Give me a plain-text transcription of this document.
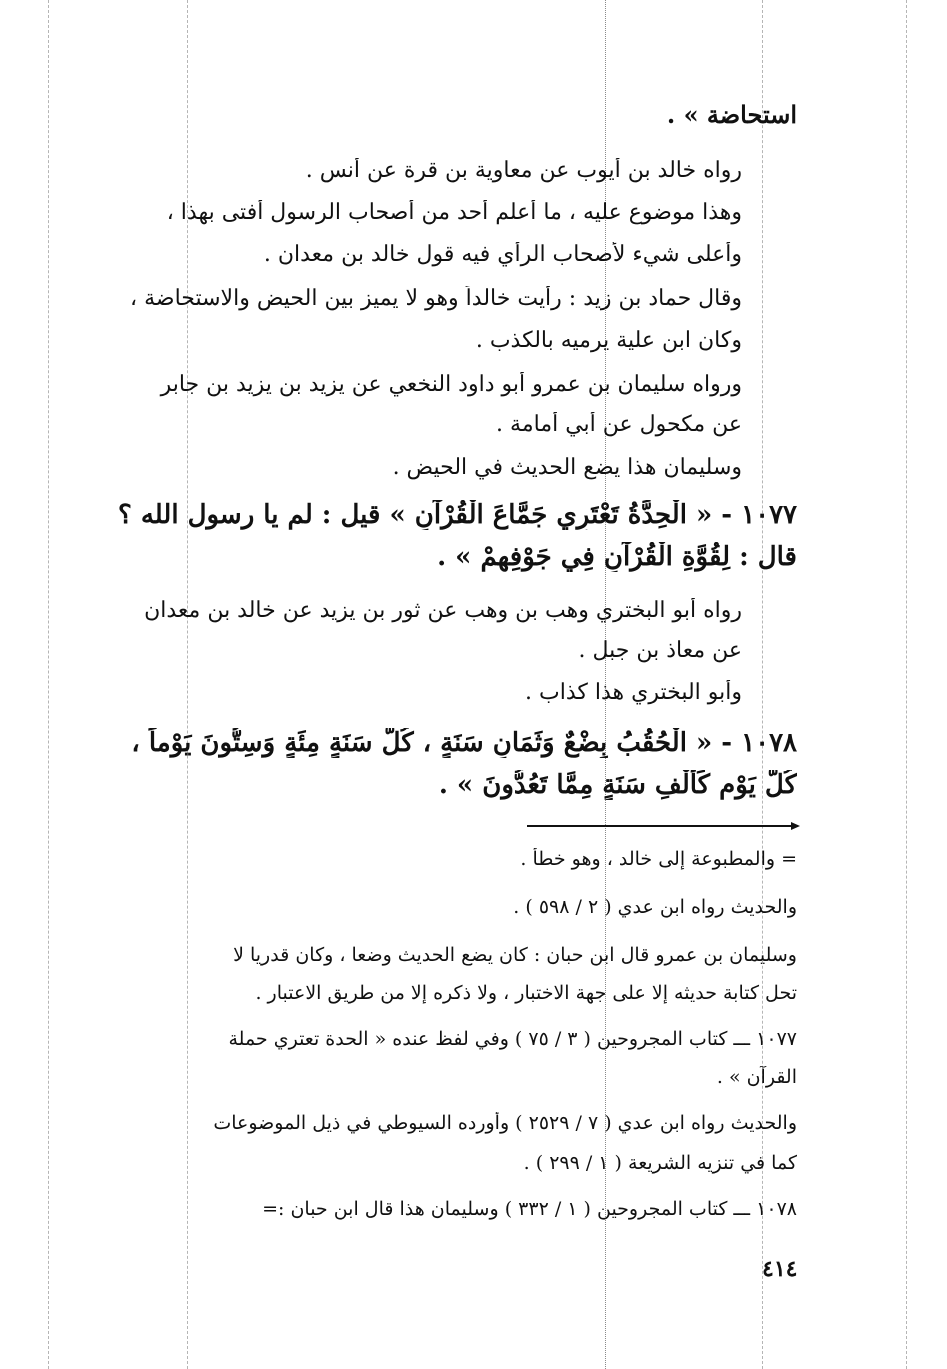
استحاضة » .
رواه خالد بن أيوب عن معاوية بن قرة عن أنس .
وهذا موضوع عليه ، ما أعلم أحد من أصحاب الرسول أفتى بهذا ،
وأعلى شيء لأصحاب الرأي فيه قول خالد بن معدان .
وقال حماد بن زيد : رأيت خالداً وهو لا يميز بين الحيض والاستحاضة ،
وكان ابن علية يرميه بالكذب .
ورواه سليمان بن عمرو أبو داود النخعي عن يزيد بن يزيد بن جابر
عن مكحول عن أبي أمامة .
وسليمان هذا يضع الحديث في الحيض .
١٠٧٧ - « الْحِدَّةُ تَعْتَرِي جَمَّاعَ الْقُرْآنِ » قيل : لم يا رسول الله ؟
قال : لِقُوَّةِ الْقُرْآنِ فِي جَوْفِهِمْ » .
رواه أبو البختري وهب بن وهب عن ثور بن يزيد عن خالد بن معدان
عن معاذ بن جبل .
وأبو البختري هذا كذاب .
١٠٧٨ - « الْحُقُبُ بِضْعٌ وَثَمَانِ سَنَةٍ ، كُلُّ سَنَةٍ مِئَةٍ وَسِتُّونَ يَوْماً ،
كُلُّ يَوْمٍ كَأَلْفِ سَنَةٍ مِمَّا تَعُدُّونَ » .
= والمطبوعة إلى خالد ، وهو خطأ .
والحديث رواه ابن عدي ( ٢ / ٥٩٨ ) .
وسليمان بن عمرو قال ابن حبان : كان يضع الحديث وضعا ، وكان قدريا لا
تحل كتابة حديثه إلا على جهة الاختبار ، ولا ذكره إلا من طريق الاعتبار .
١٠٧٧ ـــ كتاب المجروحين ( ٣ / ٧٥ ) وفي لفظ عنده « الحدة تعتري حملة
القرآن » .
والحديث رواه ابن عدي ( ٧ / ٢٥٢٩ ) وأورده السيوطي في ذيل الموضوعات
كما في تنزيه الشريعة ( ١ / ٢٩٩ ) .
١٠٧٨ ـــ كتاب المجروحين ( ١ / ٣٣٢ ) وسليمان هذا قال ابن حبان :=
٤١٤
